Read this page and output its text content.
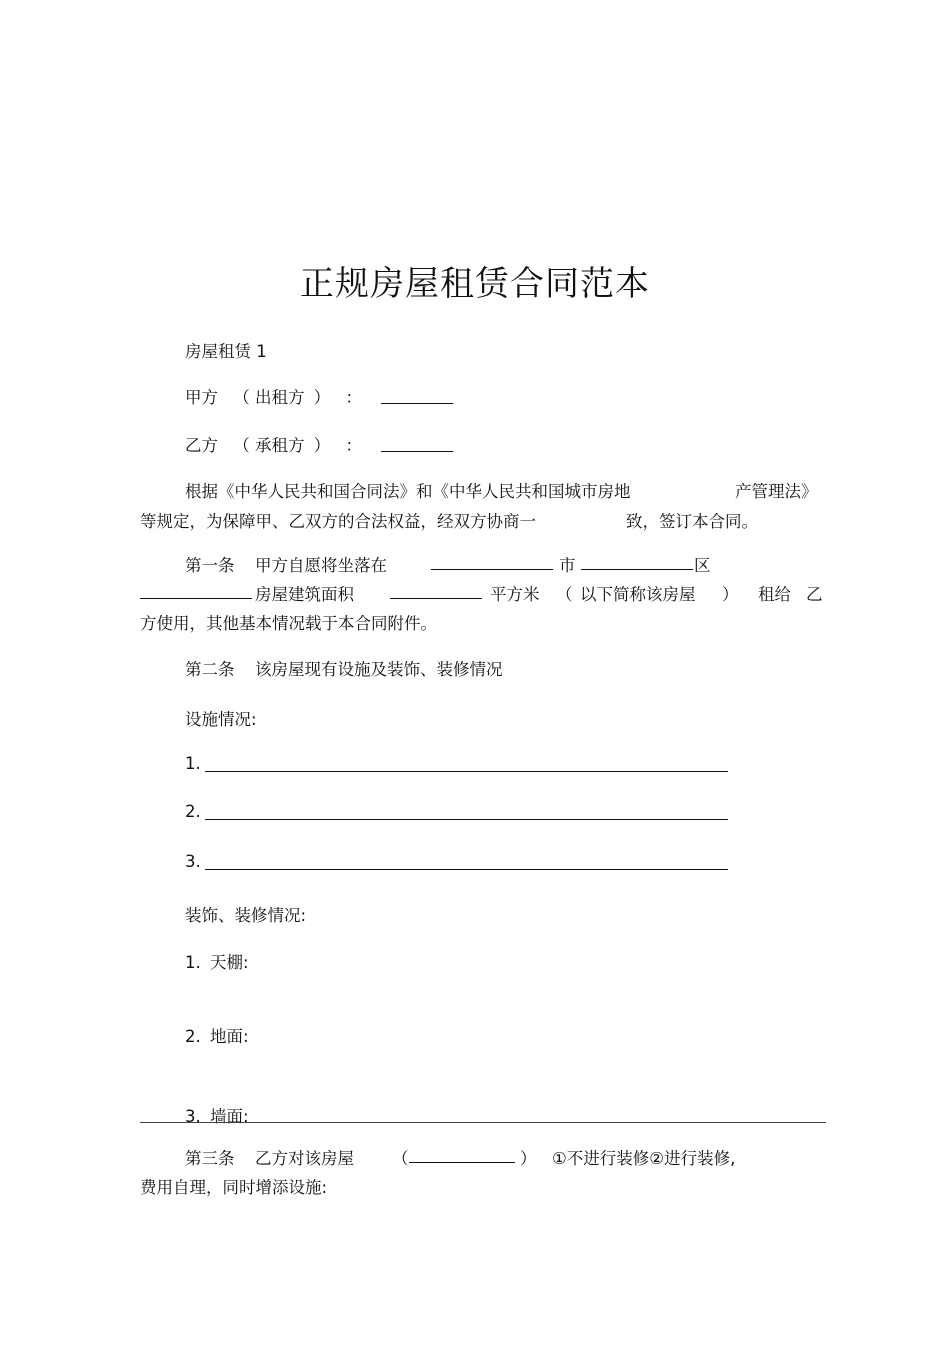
正规房屋租赁合同范本
房屋租赁 1
甲方 （ 出租方 ） ：
乙方 （ 承租方 ） ：
根据《中华人民共和国合同法》和《中华人民共和国城市房地	产管理法》
等规定，为保障甲、乙双方的合法权益，经双方协商一	致，签订本合同。
第一条 甲方自愿将坐落在	市	区
房屋建筑面积	平方米 （ 以下简称该房屋 ） 租给 乙
方使用，其他基本情况载于本合同附件。
第二条 该房屋现有设施及装饰、装修情况
设施情况:
1.
2.
3.
装饰、装修情况:
1. 天棚:
2. 地面:
3. 墙面:
第三条 乙方对该房屋 （	） ①不进行装修②进行装修,
费用自理，同时增添设施:
